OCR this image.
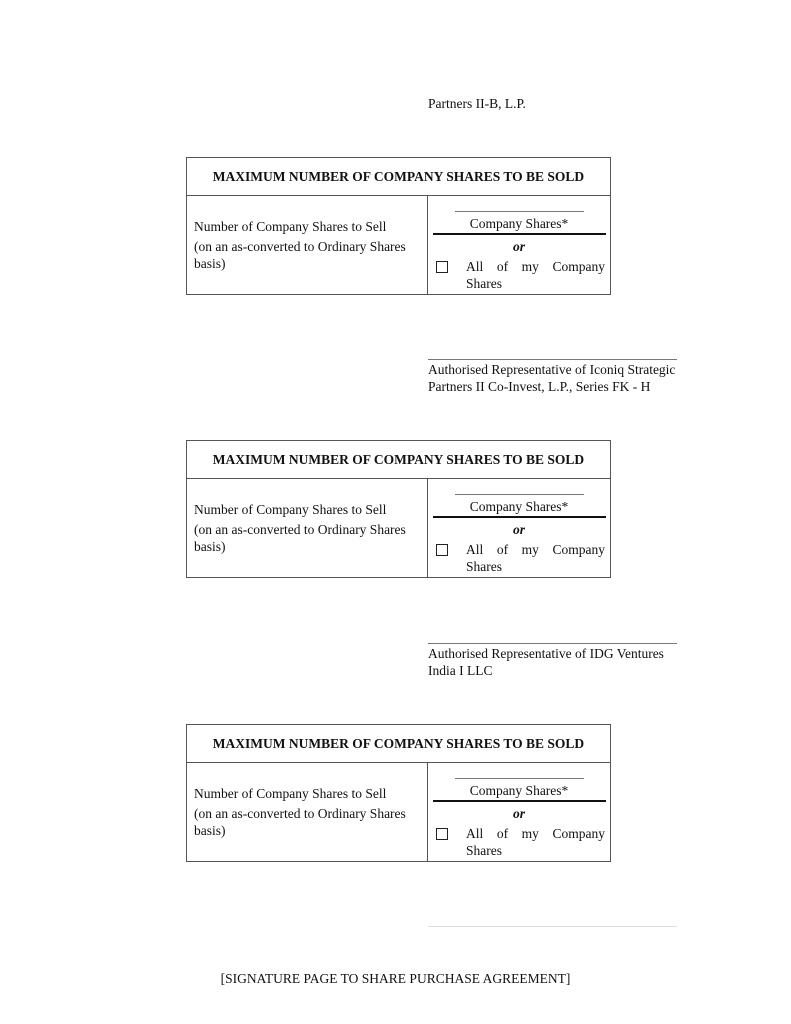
Partners II-B, L.P.
MAXIMUM NUMBER OF COMPANY SHARES TO BE SOLD
Number of Company Shares to Sell
(on an as-converted to Ordinary Shares
basis)
Company Shares*
or
All of my Company
Shares
Authorised Representative of Iconiq Strategic
Partners II Co-Invest, L.P., Series FK - H
MAXIMUM NUMBER OF COMPANY SHARES TO BE SOLD
Number of Company Shares to Sell
(on an as-converted to Ordinary Shares
basis)
Company Shares*
or
All of my Company
Shares
Authorised Representative of IDG Ventures
India I LLC
MAXIMUM NUMBER OF COMPANY SHARES TO BE SOLD
Number of Company Shares to Sell
(on an as-converted to Ordinary Shares
basis)
Company Shares*
or
All of my Company
Shares
[SIGNATURE PAGE TO SHARE PURCHASE AGREEMENT]
